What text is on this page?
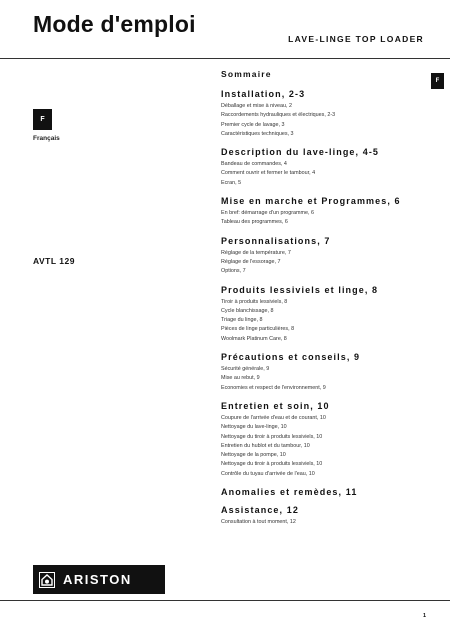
Mode d'emploi
LAVE-LINGE TOP LOADER
F
Français
F
AVTL 129
Sommaire
Installation, 2-3
Déballage et mise à niveau, 2
Raccordements hydrauliques et électriques, 2-3
Premier cycle de lavage, 3
Caractéristiques techniques, 3
Description du lave-linge, 4-5
Bandeau de commandes, 4
Comment ouvrir et fermer le tambour, 4
Ecran, 5
Mise en marche et Programmes, 6
En bref: démarrage d'un programme, 6
Tableau des programmes, 6
Personnalisations, 7
Réglage de la température, 7
Réglage de l'essorage, 7
Options, 7
Produits lessiviels et linge, 8
Tiroir à produits lessiviels, 8
Cycle blanchissage, 8
Triage du linge, 8
Pièces de linge particulières, 8
Woolmark Platinum Care, 8
Précautions et conseils, 9
Sécurité générale, 9
Mise au rebut, 9
Economies et respect de l'environnement, 9
Entretien et soin, 10
Coupure de l'arrivée d'eau et de courant, 10
Nettoyage du lave-linge, 10
Nettoyage du tiroir à produits lessiviels, 10
Entretien du hublot et du tambour, 10
Nettoyage de la pompe, 10
Nettoyage du tiroir à produits lessiviels, 10
Contrôle du tuyau d'arrivée de l'eau, 10
Anomalies et remèdes, 11
Assistance, 12
Consultation à tout moment, 12
ARISTON
1
